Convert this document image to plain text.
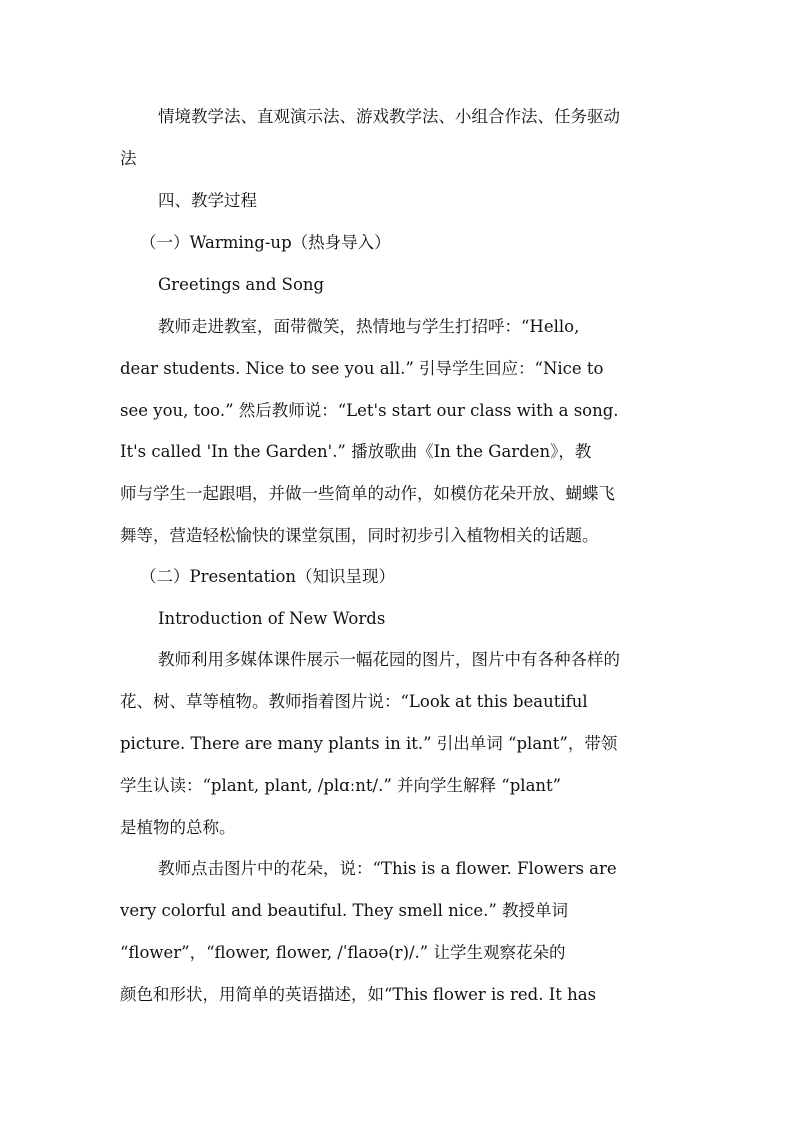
情境教学法、直观演示法、游戏教学法、小组合作法、任务驱动
法
四、教学过程
（一）Warming-up（热身导入）
Greetings and Song
教师走进教室，面带微笑，热情地与学生打招呼：“Hello,
dear students. Nice to see you all.” 引导学生回应：“Nice to
see you, too.” 然后教师说：“Let's start our class with a song.
It's called 'In the Garden'.” 播放歌曲《In the Garden》，教
师与学生一起跟唱，并做一些简单的动作，如模仿花朵开放、蝴蝶飞
舞等，营造轻松愉快的课堂氛围，同时初步引入植物相关的话题。
（二）Presentation（知识呈现）
Introduction of New Words
教师利用多媒体课件展示一幅花园的图片，图片中有各种各样的
花、树、草等植物。教师指着图片说：“Look at this beautiful
picture. There are many plants in it.” 引出单词 “plant”，带领
学生认读：“plant, plant, /plɑːnt/.” 并向学生解释 “plant”
是植物的总称。
教师点击图片中的花朵，说：“This is a flower. Flowers are
very colorful and beautiful. They smell nice.” 教授单词
“flower”，“flower, flower, /ˈflaʊə(r)/.” 让学生观察花朵的
颜色和形状，用简单的英语描述，如“This flower is red. It has
